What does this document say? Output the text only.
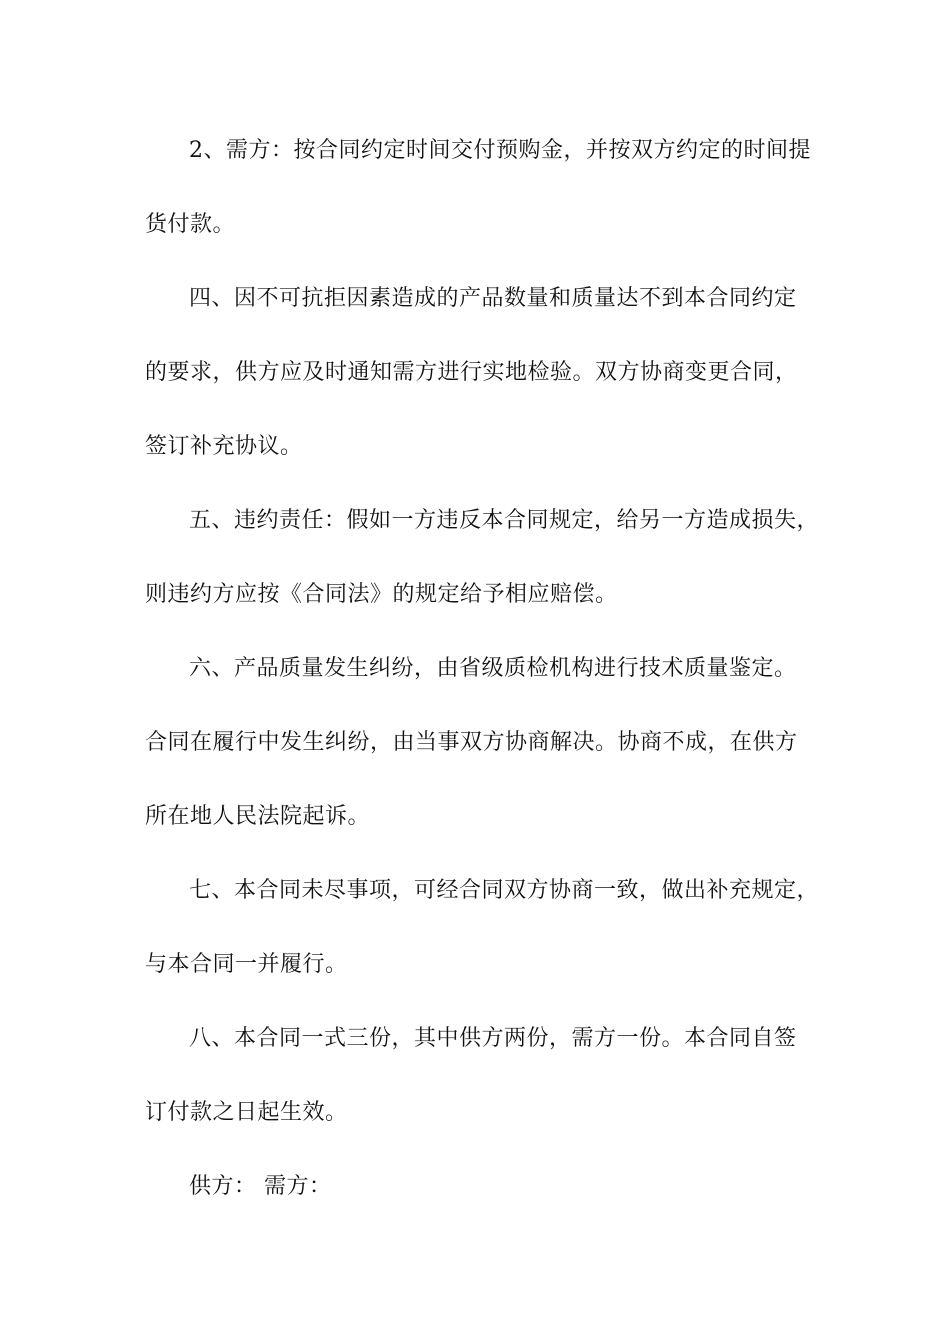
2、需方：按合同约定时间交付预购金，并按双方约定的时间提
货付款。
四、因不可抗拒因素造成的产品数量和质量达不到本合同约定
的要求，供方应及时通知需方进行实地检验。双方协商变更合同，
签订补充协议。
五、违约责任：假如一方违反本合同规定，给另一方造成损失，
则违约方应按《合同法》的规定给予相应赔偿。
六、产品质量发生纠纷，由省级质检机构进行技术质量鉴定。
合同在履行中发生纠纷，由当事双方协商解决。协商不成，在供方
所在地人民法院起诉。
七、本合同未尽事项，可经合同双方协商一致，做出补充规定，
与本合同一并履行。
八、本合同一式三份，其中供方两份，需方一份。本合同自签
订付款之日起生效。
供方： 需方：
